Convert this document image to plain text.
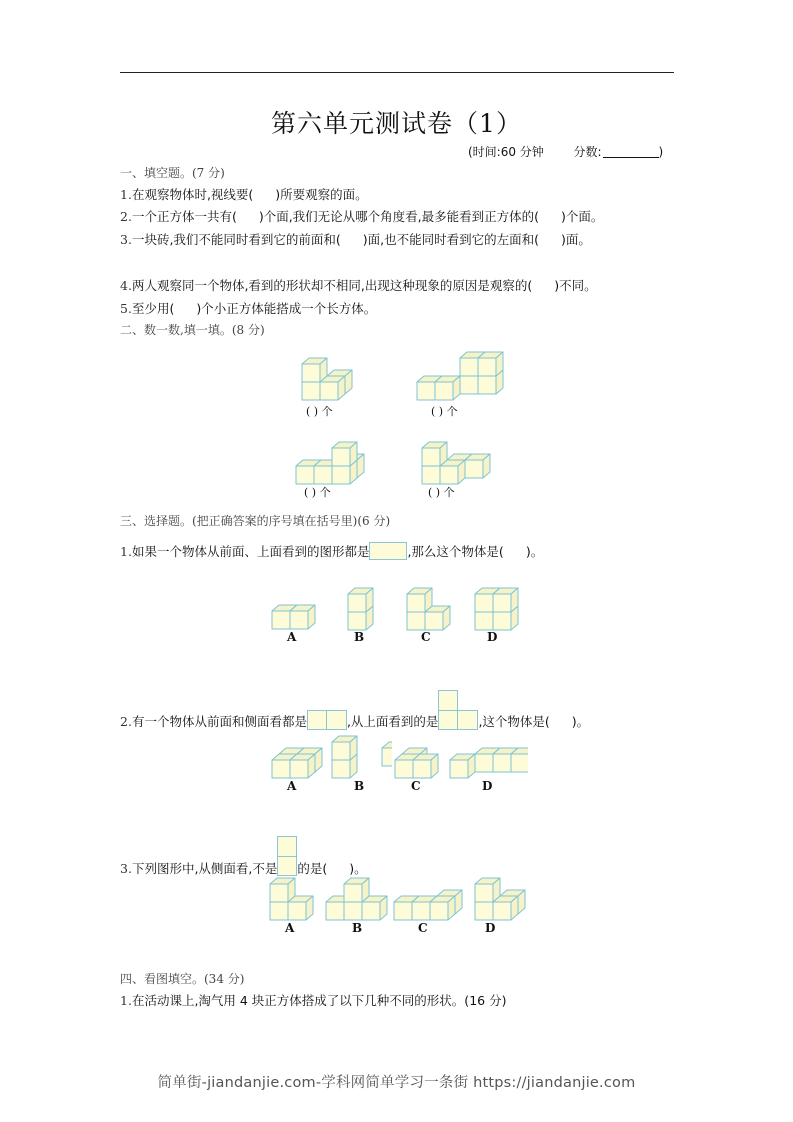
第六单元测试卷（1）
(时间:60 分钟 分数:	)
一、填空题。(7 分)
1.在观察物体时,视线要( )所要观察的面。
2.一个正方体一共有( )个面,我们无论从哪个角度看,最多能看到正方体的( )个面。
3.一块砖,我们不能同时看到它的前面和( )面,也不能同时看到它的左面和( )面。
4.两人观察同一个物体,看到的形状却不相同,出现这种现象的原因是观察的( )不同。
5.至少用( )个小正方体能搭成一个长方体。
二、数一数,填一填。(8 分)
( ) 个	( ) 个
( ) 个	( ) 个
三、选择题。(把正确答案的序号填在括号里)(6 分)
1.如果一个物体从前面、上面看到的图形都是	,那么这个物体是( )。
A	B	C	D
2.有一个物体从前面和侧面看都是	,从上面看到的是	,这个物体是( )。
A	B	C	D
3.下列图形中,从侧面看,不是 的是( )。
A	B	C	D
四、看图填空。(34 分)
1.在活动课上,淘气用 4 块正方体搭成了以下几种不同的形状。(16 分)
简单街-jiandanjie.com-学科网简单学习一条街 https://jiandanjie.com
